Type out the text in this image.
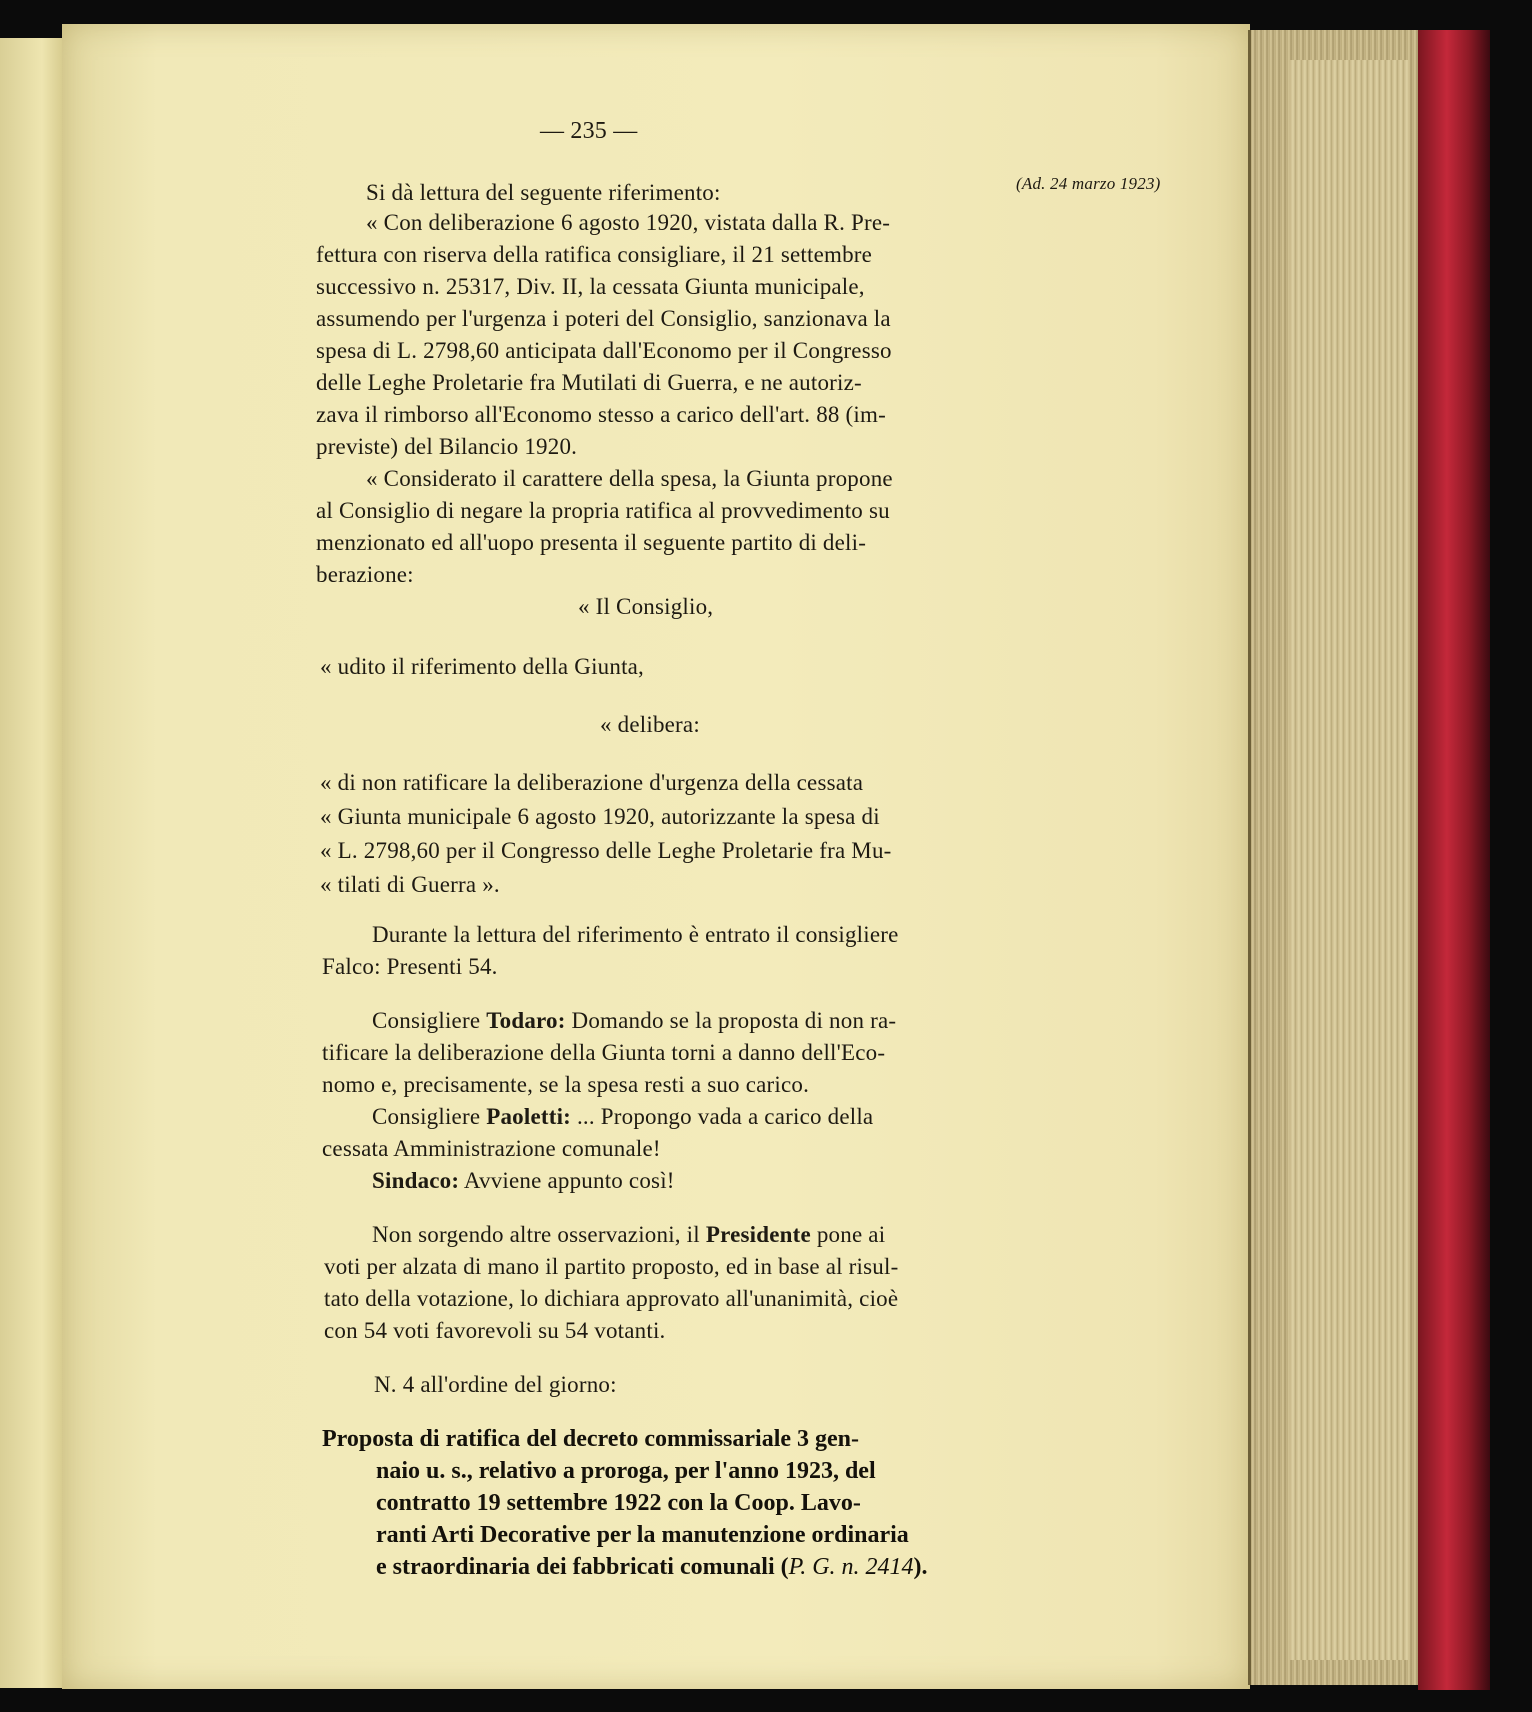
— 235 —
(Ad. 24 marzo 1923)
Si dà lettura del seguente riferimento:
« Con deliberazione 6 agosto 1920, vistata dalla R. Pre-
fettura con riserva della ratifica consigliare, il 21 settembre
successivo n. 25317, Div. II, la cessata Giunta municipale,
assumendo per l'urgenza i poteri del Consiglio, sanzionava la
spesa di L. 2798,60 anticipata dall'Economo per il Congresso
delle Leghe Proletarie fra Mutilati di Guerra, e ne autoriz-
zava il rimborso all'Economo stesso a carico dell'art. 88 (im-
previste) del Bilancio 1920.
« Considerato il carattere della spesa, la Giunta propone
al Consiglio di negare la propria ratifica al provvedimento su
menzionato ed all'uopo presenta il seguente partito di deli-
berazione:
« Il Consiglio,
« udito il riferimento della Giunta,
« delibera:
« di non ratificare la deliberazione d'urgenza della cessata
« Giunta municipale 6 agosto 1920, autorizzante la spesa di
« L. 2798,60 per il Congresso delle Leghe Proletarie fra Mu-
« tilati di Guerra ».
Durante la lettura del riferimento è entrato il consigliere
Falco: Presenti 54.
Consigliere Todaro: Domando se la proposta di non ra-
tificare la deliberazione della Giunta torni a danno dell'Eco-
nomo e, precisamente, se la spesa resti a suo carico.
Consigliere Paoletti: ... Propongo vada a carico della
cessata Amministrazione comunale!
Sindaco: Avviene appunto così!
Non sorgendo altre osservazioni, il Presidente pone ai
voti per alzata di mano il partito proposto, ed in base al risul-
tato della votazione, lo dichiara approvato all'unanimità, cioè
con 54 voti favorevoli su 54 votanti.
N. 4 all'ordine del giorno:
Proposta di ratifica del decreto commissariale 3 gen-
naio u. s., relativo a proroga, per l'anno 1923, del
contratto 19 settembre 1922 con la Coop. Lavo-
ranti Arti Decorative per la manutenzione ordinaria
e straordinaria dei fabbricati comunali (P. G. n. 2414).
